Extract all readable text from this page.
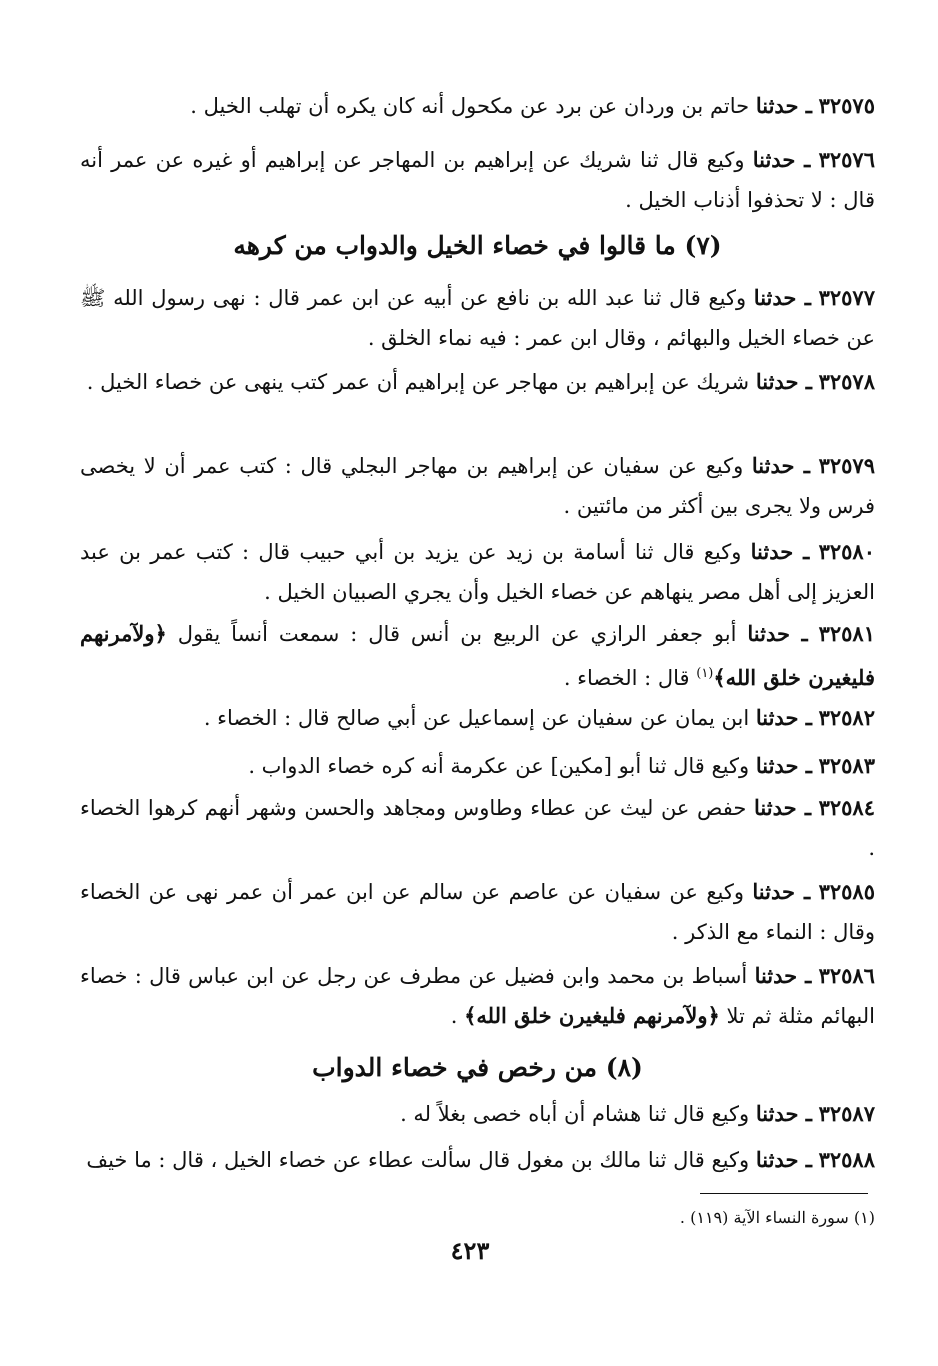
٣٢٥٧٥ ـ حدثنا حاتم بن وردان عن برد عن مكحول أنه كان يكره أن تهلب الخيل .
٣٢٥٧٦ ـ حدثنا وكيع قال ثنا شريك عن إبراهيم بن المهاجر عن إبراهيم أو غيره عن عمر أنه قال : لا تحذفوا أذناب الخيل .
(٧) ما قالوا في خصاء الخيل والدواب من كرهه
٣٢٥٧٧ ـ حدثنا وكيع قال ثنا عبد الله بن نافع عن أبيه عن ابن عمر قال : نهى رسول الله ﷺ عن خصاء الخيل والبهائم ، وقال ابن عمر : فيه نماء الخلق .
٣٢٥٧٨ ـ حدثنا شريك عن إبراهيم بن مهاجر عن إبراهيم أن عمر كتب ينهى عن خصاء الخيل .
٣٢٥٧٩ ـ حدثنا وكيع عن سفيان عن إبراهيم بن مهاجر البجلي قال : كتب عمر أن لا يخصى فرس ولا يجرى بين أكثر من مائتين .
٣٢٥٨٠ ـ حدثنا وكيع قال ثنا أسامة بن زيد عن يزيد بن أبي حبيب قال : كتب عمر بن عبد العزيز إلى أهل مصر ينهاهم عن خصاء الخيل وأن يجري الصبيان الخيل .
٣٢٥٨١ ـ حدثنا أبو جعفر الرازي عن الربيع بن أنس قال : سمعت أنساً يقول ﴿ولآمرنهم فليغيرن خلق الله﴾$^{(١)}$ قال : الخصاء .
٣٢٥٨٢ ـ حدثنا ابن يمان عن سفيان عن إسماعيل عن أبي صالح قال : الخصاء .
٣٢٥٨٣ ـ حدثنا وكيع قال ثنا أبو [مكين] عن عكرمة أنه كره خصاء الدواب .
٣٢٥٨٤ ـ حدثنا حفص عن ليث عن عطاء وطاوس ومجاهد والحسن وشهر أنهم كرهوا الخصاء .
٣٢٥٨٥ ـ حدثنا وكيع عن سفيان عن عاصم عن سالم عن ابن عمر أن عمر نهى عن الخصاء وقال : النماء مع الذكر .
٣٢٥٨٦ ـ حدثنا أسباط بن محمد وابن فضيل عن مطرف عن رجل عن ابن عباس قال : خصاء البهائم مثلة ثم تلا ﴿ولآمرنهم فليغيرن خلق الله﴾ .
(٨) من رخص في خصاء الدواب
٣٢٥٨٧ ـ حدثنا وكيع قال ثنا هشام أن أباه خصى بغلاً له .
٣٢٥٨٨ ـ حدثنا وكيع قال ثنا مالك بن مغول قال سألت عطاء عن خصاء الخيل ، قال : ما خيف
(١) سورة النساء الآية (١١٩) .
٤٢٣
